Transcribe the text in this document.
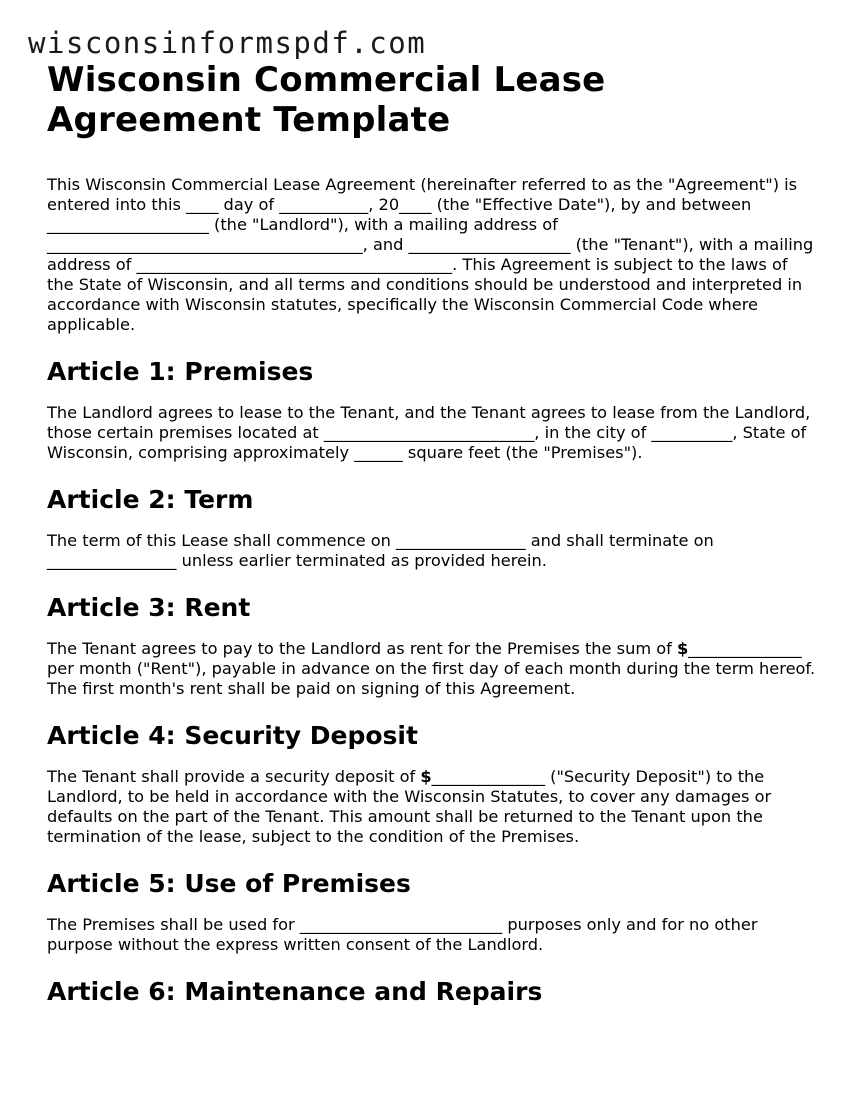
wisconsinformspdf.com
Wisconsin Commercial Lease Agreement Template

This Wisconsin Commercial Lease Agreement (hereinafter referred to as the "Agreement") is entered into this ____ day of ___________, 20____ (the "Effective Date"), by and between ____________________ (the "Landlord"), with a mailing address of _______________________________________, and ____________________ (the "Tenant"), with a mailing address of _______________________________________. This Agreement is subject to the laws of the State of Wisconsin, and all terms and conditions should be understood and interpreted in accordance with Wisconsin statutes, specifically the Wisconsin Commercial Code where applicable.

Article 1: Premises

The Landlord agrees to lease to the Tenant, and the Tenant agrees to lease from the Landlord, those certain premises located at __________________________, in the city of __________, State of Wisconsin, comprising approximately ______ square feet (the "Premises").

Article 2: Term

The term of this Lease shall commence on ________________ and shall terminate on ________________ unless earlier terminated as provided herein.

Article 3: Rent

The Tenant agrees to pay to the Landlord as rent for the Premises the sum of $______________ per month ("Rent"), payable in advance on the first day of each month during the term hereof. The first month's rent shall be paid on signing of this Agreement.

Article 4: Security Deposit

The Tenant shall provide a security deposit of $______________ ("Security Deposit") to the Landlord, to be held in accordance with the Wisconsin Statutes, to cover any damages or defaults on the part of the Tenant. This amount shall be returned to the Tenant upon the termination of the lease, subject to the condition of the Premises.

Article 5: Use of Premises

The Premises shall be used for _________________________ purposes only and for no other purpose without the express written consent of the Landlord.

Article 6: Maintenance and Repairs
